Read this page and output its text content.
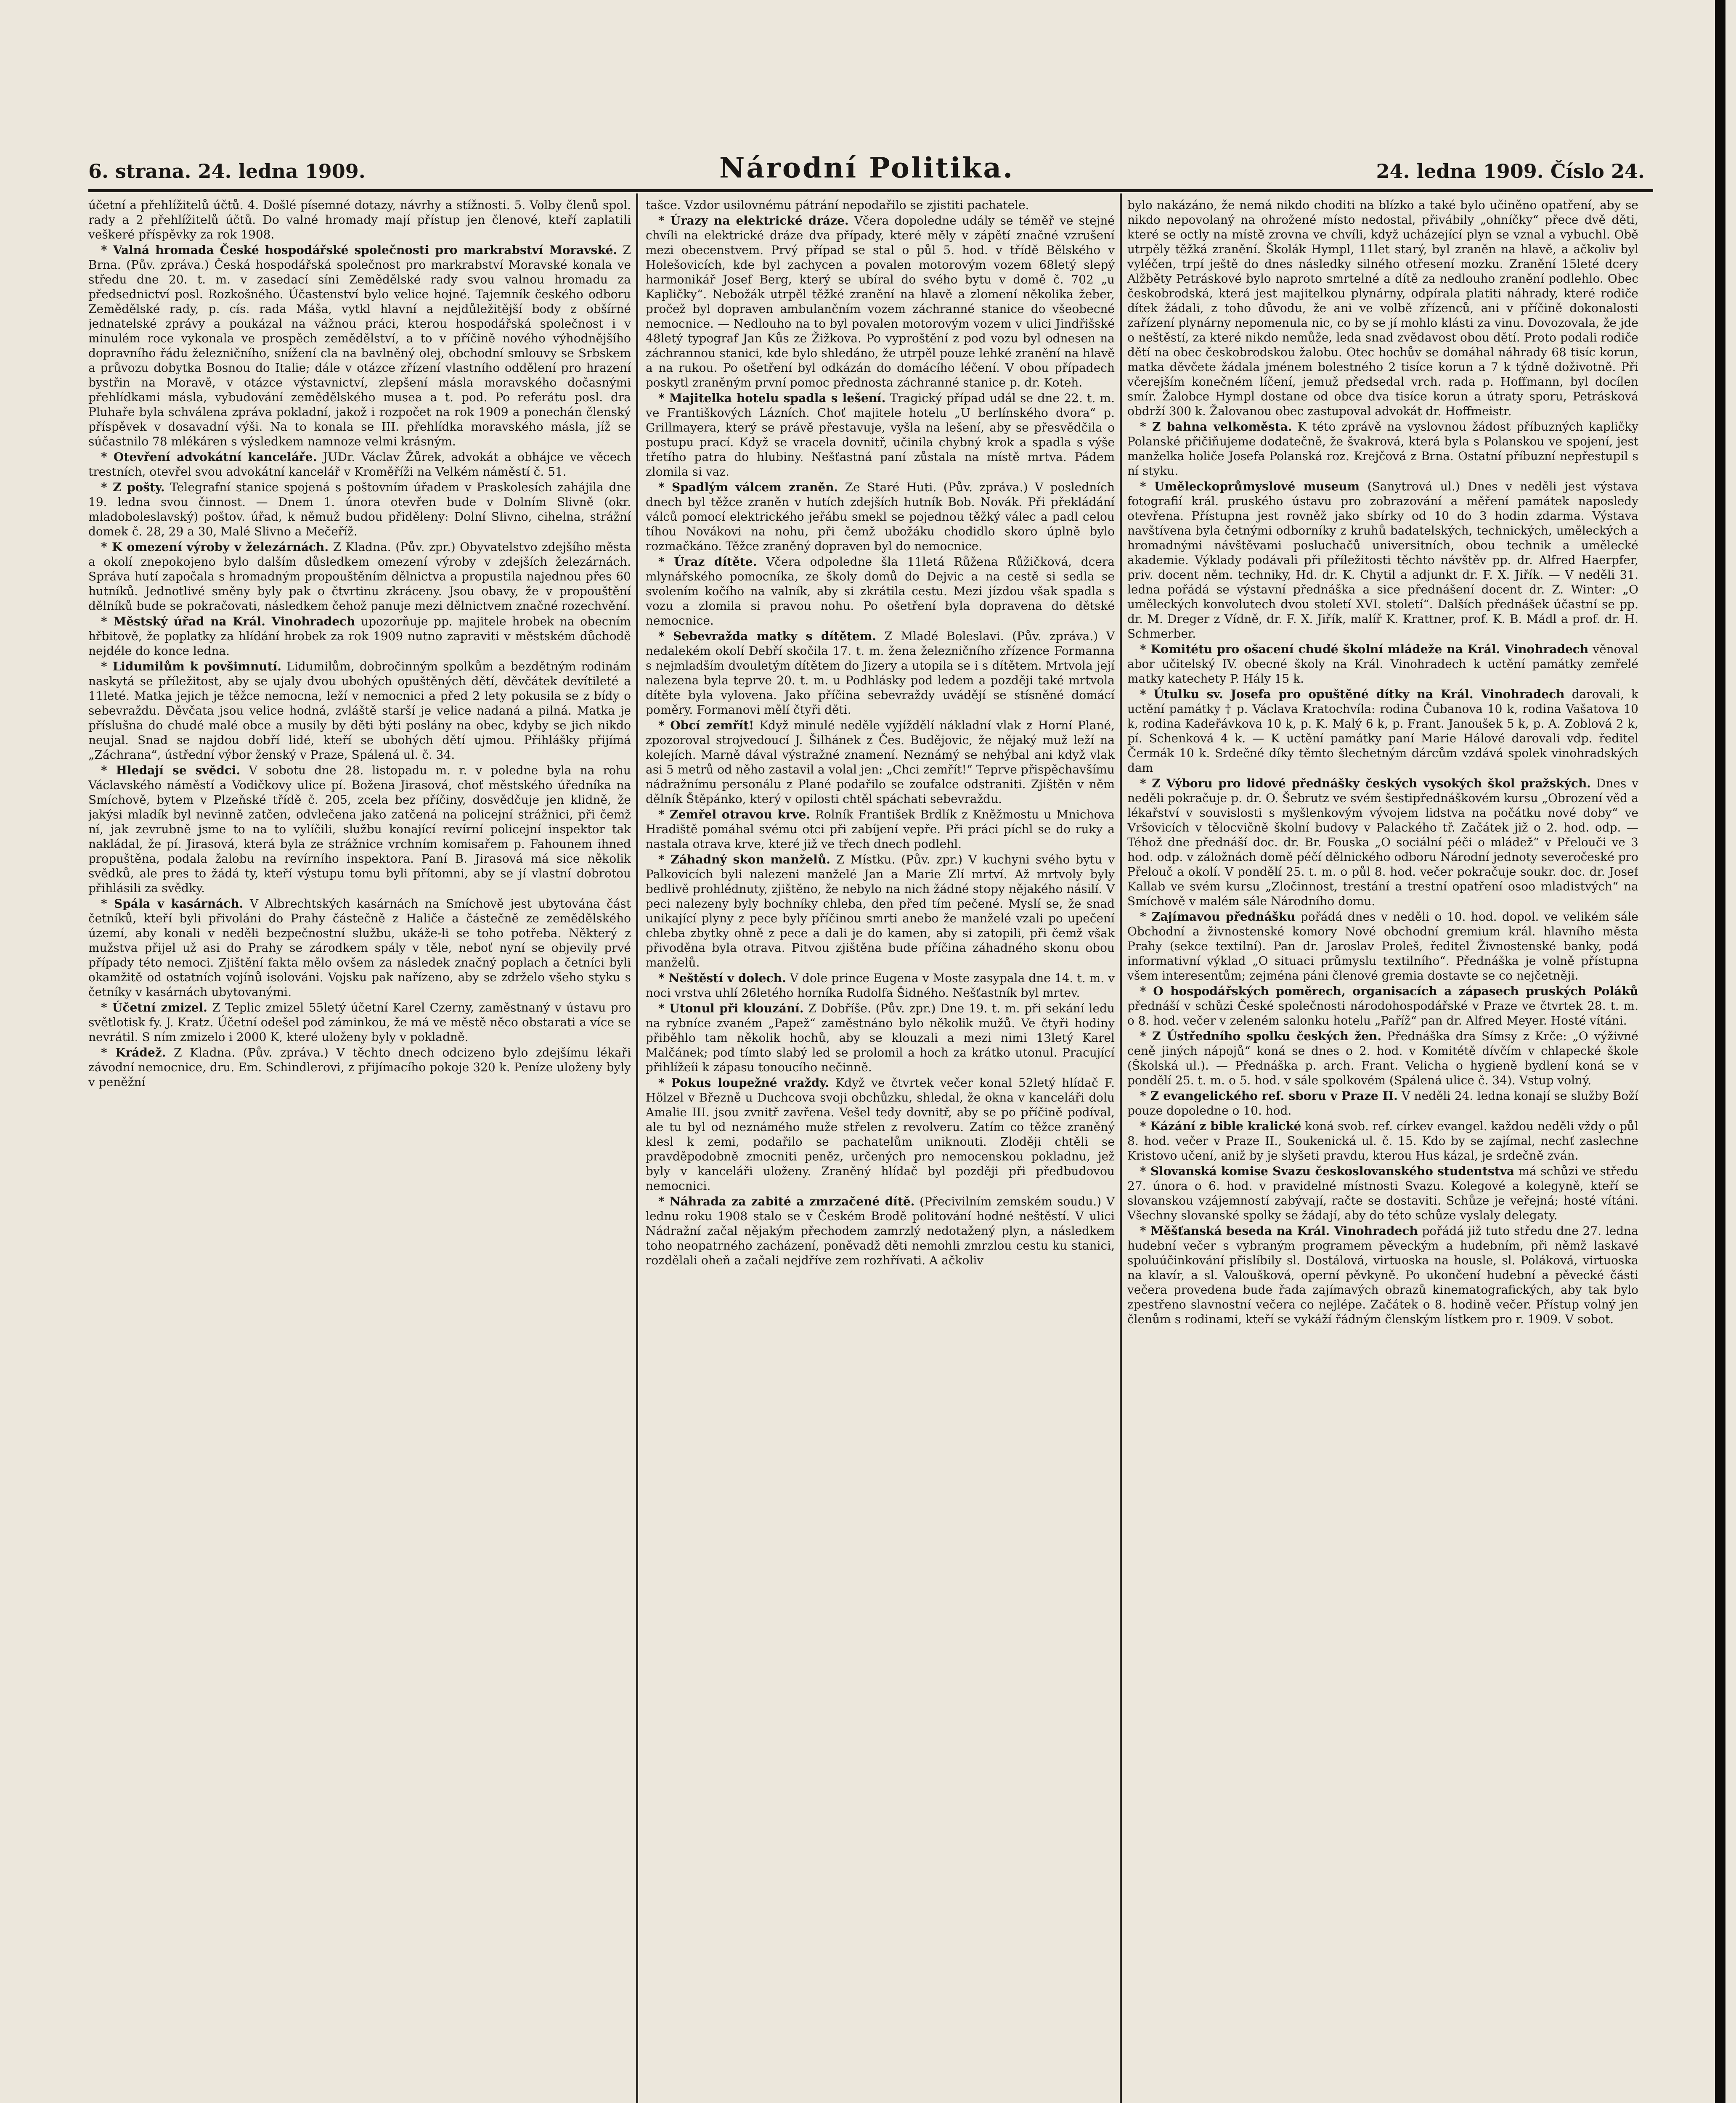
6. strana. 24. ledna 1909.	Národní Politika.	24. ledna 1909. Číslo 24.

účetní a přehlížitelů účtů. 4. Došlé písemné dotazy, návrhy a stížnosti. 5. Volby členů spol. rady a 2 přehlížitelů účtů. Do valné hromady mají přístup jen členové, kteří zaplatili veškeré příspěvky za rok 1908.

* Valná hromada České hospodářské společnosti pro markrabství Moravské. Z Brna. (Pův. zpráva.) Česká hospodářská společnost pro markrabství Moravské konala ve středu dne 20. t. m. v zasedací síni Zemědělské rady svou valnou hromadu za předsednictví posl. Rozkošného. Účastenství bylo velice hojné. Tajemník českého odboru Zemědělské rady, p. cís. rada Máša, vytkl hlavní a nejdůležitější body z obšírné jednatelské zprávy a poukázal na vážnou práci, kterou hospodářská společnost i v minulém roce vykonala ve prospěch zemědělství, a to v příčině nového výhodnějšího dopravního řádu železničního, snížení cla na bavlněný olej, obchodní smlouvy se Srbskem a průvozu dobytka Bosnou do Italie; dále v otázce zřízení vlastního oddělení pro hrazení bystřin na Moravě, v otázce výstavnictví, zlepšení másla moravského dočasnými přehlídkami másla, vybudování zemědělského musea a t. pod. Po referátu posl. dra Pluhaře byla schválena zpráva pokladní, jakož i rozpočet na rok 1909 a ponechán členský příspěvek v dosavadní výši. Na to konala se III. přehlídka moravského másla, jíž se súčastnilo 78 mlékáren s výsledkem namnoze velmi krásným.

* Otevření advokátní kanceláře. JUDr. Václav Žůrek, advokát a obhájce ve věcech trestních, otevřel svou advokátní kancelář v Kroměříži na Velkém náměstí č. 51.

* Z pošty. Telegrafní stanice spojená s poštovním úřadem v Praskolesích zahájila dne 19. ledna svou činnost. — Dnem 1. února otevřen bude v Dolním Slivně (okr. mladoboleslavský) poštov. úřad, k němuž budou přiděleny: Dolní Slivno, cihelna, strážní domek č. 28, 29 a 30, Malé Slivno a Mečeříž.

* K omezení výroby v železárnách. Z Kladna. (Pův. zpr.) Obyvatelstvo zdejšího města a okolí znepokojeno bylo dalším důsledkem omezení výroby v zdejších železárnách. Správa hutí započala s hromadným propouštěním dělnictva a propustila najednou přes 60 hutníků. Jednotlivé směny byly pak o čtvrtinu zkráceny. Jsou obavy, že v propouštění dělníků bude se pokračovati, následkem čehož panuje mezi dělnictvem značné rozechvění.

* Městský úřad na Král. Vinohradech upozorňuje pp. majitele hrobek na obecním hřbitově, že poplatky za hlídání hrobek za rok 1909 nutno zapraviti v městském důchodě nejdéle do konce ledna.

* Lidumilům k povšimnutí. Lidumilům, dobročinným spolkům a bezdětným rodinám naskytá se příležitost, aby se ujaly dvou ubohých opuštěných dětí, děvčátek devítileté a 11leté. Matka jejich je těžce nemocna, leží v nemocnici a před 2 lety pokusila se z bídy o sebevraždu. Děvčata jsou velice hodná, zvláště starší je velice nadaná a pilná. Matka je příslušna do chudé malé obce a musily by děti býti poslány na obec, kdyby se jich nikdo neujal. Snad se najdou dobří lidé, kteří se ubohých dětí ujmou. Přihlášky přijímá „Záchrana“, ústřední výbor ženský v Praze, Spálená ul. č. 34.

* Hledají se svědci. V sobotu dne 28. listopadu m. r. v poledne byla na rohu Václavského náměstí a Vodičkovy ulice pí. Božena Jirasová, choť městského úředníka na Smíchově, bytem v Plzeňské třídě č. 205, zcela bez příčiny, dosvědčuje jen klidně, že jakýsi mladík byl nevinně zatčen, odvlečena jako zatčená na policejní strážnici, při čemž ní, jak zevrubně jsme to na to vylíčili, službu konající revírní policejní inspektor tak nakládal, že pí. Jirasová, která byla ze strážnice vrchním komisařem p. Fahounem ihned propuštěna, podala žalobu na revírního inspektora. Paní B. Jirasová má sice několik svědků, ale pres to žádá ty, kteří výstupu tomu byli přítomni, aby se jí vlastní dobrotou přihlásili za svědky.

* Spála v kasárnách. V Albrechtských kasárnách na Smíchově jest ubytována část četníků, kteří byli přivoláni do Prahy částečně z Haliče a částečně ze zemědělského území, aby konali v neděli bezpečnostní službu, ukáže-li se toho potřeba. Některý z mužstva přijel už asi do Prahy se zárodkem spály v těle, neboť nyní se objevily prvé případy této nemoci. Zjištění fakta mělo ovšem za následek značný poplach a četníci byli okamžitě od ostatních vojínů isolováni. Vojsku pak nařízeno, aby se zdrželo všeho styku s četníky v kasárnách ubytovanými.

* Účetní zmizel. Z Teplic zmizel 55letý účetní Karel Czerny, zaměstnaný v ústavu pro světlotisk fy. J. Kratz. Účetní odešel pod záminkou, že má ve městě něco obstarati a více se nevrátil. S ním zmizelo i 2000 K, které uloženy byly v pokladně.

* Krádež. Z Kladna. (Pův. zpráva.) V těchto dnech odcizeno bylo zdejšímu lékaři závodní nemocnice, dru. Em. Schindlerovi, z přijímacího pokoje 320 k. Peníze uloženy byly v peněžní

tašce. Vzdor usilovnému pátrání nepodařilo se zjistiti pachatele.

* Úrazy na elektrické dráze. Včera dopoledne udály se téměř ve stejné chvíli na elektrické dráze dva případy, které měly v zápětí značné vzrušení mezi obecenstvem. Prvý případ se stal o půl 5. hod. v třídě Bělského v Holešovicích, kde byl zachycen a povalen motorovým vozem 68letý slepý harmonikář Josef Berg, který se ubíral do svého bytu v domě č. 702 „u Kapličky“. Nebožák utrpěl těžké zranění na hlavě a zlomení několika žeber, pročež byl dopraven ambulančním vozem záchranné stanice do všeobecné nemocnice. — Nedlouho na to byl povalen motorovým vozem v ulici Jindřišské 48letý typograf Jan Kůs ze Žižkova. Po vyproštění z pod vozu byl odnesen na záchrannou stanici, kde bylo shledáno, že utrpěl pouze lehké zranění na hlavě a na rukou. Po ošetření byl odkázán do domácího léčení. V obou případech poskytl zraněným první pomoc přednosta záchranné stanice p. dr. Koteh.

* Majitelka hotelu spadla s lešení. Tragický případ udál se dne 22. t. m. ve Františkových Lázních. Choť majitele hotelu „U berlínského dvora“ p. Grillmayera, který se právě přestavuje, vyšla na lešení, aby se přesvědčila o postupu prací. Když se vracela dovnitř, učinila chybný krok a spadla s výše třetího patra do hlubiny. Nešťastná paní zůstala na místě mrtva. Pádem zlomila si vaz.

* Spadlým válcem zraněn. Ze Staré Huti. (Pův. zpráva.) V posledních dnech byl těžce zraněn v hutích zdejších hutník Bob. Novák. Při překládání válců pomocí elektrického jeřábu smekl se pojednou těžký válec a padl celou tíhou Novákovi na nohu, při čemž ubožáku chodidlo skoro úplně bylo rozmačkáno. Těžce zraněný dopraven byl do nemocnice.

* Úraz dítěte. Včera odpoledne šla 11letá Růžena Růžičková, dcera mlynářského pomocníka, ze školy domů do Dejvic a na cestě si sedla se svolením kočího na valník, aby si zkrátila cestu. Mezi jízdou však spadla s vozu a zlomila si pravou nohu. Po ošetření byla dopravena do dětské nemocnice.

* Sebevražda matky s dítětem. Z Mladé Boleslavi. (Pův. zpráva.) V nedalekém okolí Debří skočila 17. t. m. žena železničního zřízence Formanna s nejmladším dvouletým dítětem do Jizery a utopila se i s dítětem. Mrtvola její nalezena byla teprve 20. t. m. u Podhlásky pod ledem a později také mrtvola dítěte byla vylovena. Jako příčina sebevraždy uvádějí se stísněné domácí poměry. Formanovi mělí čtyři děti.

* Obcí zemřít! Když minulé neděle vyjíždělí nákladní vlak z Horní Plané, zpozoroval strojvedoucí J. Šilhánek z Čes. Budějovic, že nějaký muž leží na kolejích. Marně dával výstražné znamení. Neznámý se nehýbal ani když vlak asi 5 metrů od něho zastavil a volal jen: „Chci zemřít!“ Teprve přispěchavšímu nádražnímu personálu z Plané podařilo se zoufalce odstraniti. Zjištěn v něm dělník Štěpánko, který v opilosti chtěl spáchati sebevraždu.

* Zemřel otravou krve. Rolník František Brdlík z Kněžmostu u Mnichova Hradiště pomáhal svému otci při zabíjení vepře. Při práci píchl se do ruky a nastala otrava krve, které již ve třech dnech podlehl.

* Záhadný skon manželů. Z Místku. (Pův. zpr.) V kuchyni svého bytu v Palkovicích byli nalezeni manželé Jan a Marie Zlí mrtví. Až mrtvoly byly bedlivě prohlédnuty, zjištěno, že nebylo na nich žádné stopy nějakého násilí. V peci nalezeny byly bochníky chleba, den před tím pečené. Myslí se, že snad unikající plyny z pece byly příčinou smrti anebo že manželé vzali po upečení chleba zbytky ohně z pece a dali je do kamen, aby si zatopili, při čemž však přivoděna byla otrava. Pitvou zjištěna bude příčina záhadného skonu obou manželů.

* Neštěstí v dolech. V dole prince Eugena v Moste zasypala dne 14. t. m. v noci vrstva uhlí 26letého horníka Rudolfa Šidného. Nešťastník byl mrtev.

* Utonul při klouzání. Z Dobříše. (Pův. zpr.) Dne 19. t. m. při sekání ledu na rybníce zvaném „Papež“ zaměstnáno bylo několik mužů. Ve čtyři hodiny přiběhlo tam několik hochů, aby se klouzali a mezi nimi 13letý Karel Malčánek; pod tímto slabý led se prolomil a hoch za krátko utonul. Pracující přihlížeíi k zápasu tonoucího nečinně.

* Pokus loupežné vraždy. Když ve čtvrtek večer konal 52letý hlídač F. Hölzel v Březně u Duchcova svoji obchůzku, shledal, že okna v kanceláři dolu Amalie III. jsou zvnitř zavřena. Vešel tedy dovnitř, aby se po příčině podíval, ale tu byl od neznámého muže střelen z revolveru. Zatím co těžce zraněný klesl k zemi, podařilo se pachatelům uniknouti. Zloději chtěli se pravděpodobně zmocniti peněz, určených pro nemocenskou pokladnu, jež byly v kanceláři uloženy. Zraněný hlídač byl později při předbudovou nemocnici.

* Náhrada za zabité a zmrzačené dítě. (Přecivilním zemském soudu.) V lednu roku 1908 stalo se v Českém Brodě politování hodné neštěstí. V ulici Nádražní začal nějakým přechodem zamrzlý nedotažený plyn, a následkem toho neopatrného zacházení, poněvadž děti nemohli zmrzlou cestu ku stanici, rozdělali oheň a začali nejdříve zem rozhřívati. A ačkoliv

bylo nakázáno, že nemá nikdo choditi na blízko a také bylo učiněno opatření, aby se nikdo nepovolaný na ohrožené místo nedostal, přivábily „ohníčky“ přece dvě děti, které se octly na místě zrovna ve chvíli, když ucházející plyn se vznal a vybuchl. Obě utrpěly těžká zranění. Školák Hympl, 11let starý, byl zraněn na hlavě, a ačkoliv byl vyléčen, trpí ještě do dnes následky silného otřesení mozku. Zranění 15leté dcery Alžběty Petráskové bylo naproto smrtelné a dítě za nedlouho zranění podlehlo. Obec českobrodská, která jest majitelkou plynárny, odpírala platiti náhrady, které rodiče dítek žádali, z toho důvodu, že ani ve volbě zřízenců, ani v příčině dokonalosti zařízení plynárny nepomenula nic, co by se jí mohlo klásti za vinu. Dovozovala, že jde o neštěstí, za které nikdo nemůže, leda snad zvědavost obou dětí. Proto podali rodiče dětí na obec českobrodskou žalobu. Otec hochův se domáhal náhrady 68 tisíc korun, matka děvčete žádala jménem bolestného 2 tisíce korun a 7 k týdně doživotně. Při včerejším konečném líčení, jemuž předsedal vrch. rada p. Hoffmann, byl docílen smír. Žalobce Hympl dostane od obce dva tisíce korun a útraty sporu, Petrásková obdrží 300 k. Žalovanou obec zastupoval advokát dr. Hoffmeistr.

* Z bahna velkoměsta. K této zprávě na vyslovnou žádost příbuzných kapličky Polanské přičiňujeme dodatečně, že švakrová, která byla s Polanskou ve spojení, jest manželka holiče Josefa Polanská roz. Krejčová z Brna. Ostatní příbuzní nepřestupil s ní styku.

* Uměleckoprůmyslové museum (Sanytrová ul.) Dnes v neděli jest výstava fotografií král. pruského ústavu pro zobrazování a měření památek naposledy otevřena. Přístupna jest rovněž jako sbírky od 10 do 3 hodin zdarma. Výstava navštívena byla četnými odborníky z kruhů badatelských, technických, uměleckých a hromadnými návštěvami posluchačů universitních, obou technik a umělecké akademie. Výklady podávali při příležitosti těchto návštěv pp. dr. Alfred Haerpfer, priv. docent něm. techniky, Hd. dr. K. Chytil a adjunkt dr. F. X. Jiřík. — V neděli 31. ledna pořádá se výstavní přednáška a sice přednášení docent dr. Z. Winter: „O uměleckých konvolutech dvou století XVI. století“. Dalších přednášek účastní se pp. dr. M. Dreger z Vídně, dr. F. X. Jiřík, malíř K. Krattner, prof. K. B. Mádl a prof. dr. H. Schmerber.

* Komitétu pro ošacení chudé školní mládeže na Král. Vinohradech věnoval abor učitelský IV. obecné školy na Král. Vinohradech k uctění památky zemřelé matky katechety P. Hály 15 k.

* Útulku sv. Josefa pro opuštěné dítky na Král. Vinohradech darovali, k uctění památky † p. Václava Kratochvíla: rodina Čubanova 10 k, rodina Vašatova 10 k, rodina Kadeřávkova 10 k, p. K. Malý 6 k, p. Frant. Janoušek 5 k, p. A. Zoblová 2 k, pí. Schenková 4 k. — K uctění památky paní Marie Hálové darovali vdp. ředitel Čermák 10 k. Srdečné díky těmto šlechetným dárcům vzdává spolek vinohradských dam

* Z Výboru pro lidové přednášky českých vysokých škol pražských. Dnes v neděli pokračuje p. dr. O. Šebrutz ve svém šestipřednáškovém kursu „Obrození věd a lékařství v souvislosti s myšlenkovým vývojem lidstva na počátku nové doby“ ve Vršovicích v tělocvičně školní budovy v Palackého tř. Začátek již o 2. hod. odp. — Téhož dne přednáší doc. dr. Br. Fouska „O sociální péči o mládež“ v Přelouči ve 3 hod. odp. v záložnách domě péčí dělnického odboru Národní jednoty severočeské pro Přelouč a okolí. V pondělí 25. t. m. o půl 8. hod. večer pokračuje soukr. doc. dr. Josef Kallab ve svém kursu „Zločinnost, trestání a trestní opatření osoo mladistvých“ na Smíchově v malém sále Národního domu.

* Zajímavou přednášku pořádá dnes v neděli o 10. hod. dopol. ve velikém sále Obchodní a živnostenské komory Nové obchodní gremium král. hlavního města Prahy (sekce textilní). Pan dr. Jaroslav Proleš, ředitel Živnostenské banky, podá informativní výklad „O situaci průmyslu textilního“. Přednáška je volně přístupna všem interesentům; zejména páni členové gremia dostavte se co nejčetněji.

* O hospodářských poměrech, organisacích a zápasech pruských Poláků přednáší v schůzi České společnosti národohospodářské v Praze ve čtvrtek 28. t. m. o 8. hod. večer v zeleném salonku hotelu „Paříž“ pan dr. Alfred Meyer. Hosté vítáni.

* Z Ústředního spolku českých žen. Přednáška dra Símsy z Krče: „O výživné ceně jiných nápojů“ koná se dnes o 2. hod. v Komitétě dívčím v chlapecké škole (Školská ul.). — Přednáška p. arch. Frant. Velicha o hygieně bydlení koná se v pondělí 25. t. m. o 5. hod. v sále spolkovém (Spálená ulice č. 34). Vstup volný.

* Z evangelického ref. sboru v Praze II. V neděli 24. ledna konají se služby Boží pouze dopoledne o 10. hod.

* Kázání z bible kralické koná svob. ref. církev evangel. každou neděli vždy o půl 8. hod. večer v Praze II., Soukenická ul. č. 15. Kdo by se zajímal, nechť zaslechne Kristovo učení, aniž by je slyšeti pravdu, kterou Hus kázal, je srdečně zván.

* Slovanská komise Svazu českoslovanského studentstva má schůzi ve středu 27. února o 6. hod. v pravidelné místnosti Svazu. Kolegové a kolegyně, kteří se slovanskou vzájemností zabývají, račte se dostaviti. Schůze je veřejná; hosté vítáni. Všechny slovanské spolky se žádají, aby do této schůze vyslaly delegaty.

* Měšťanská beseda na Král. Vinohradech pořádá již tuto středu dne 27. ledna hudební večer s vybraným programem pěveckým a hudebním, při němž laskavé spoluúčinkování přislíbily sl. Dostálová, virtuoska na housle, sl. Poláková, virtuoska na klavír, a sl. Valoušková, operní pěvkyně. Po ukončení hudební a pěvecké části večera provedena bude řada zajímavých obrazů kinematografických, aby tak bylo zpestřeno slavnostní večera co nejlépe. Začátek o 8. hodině večer. Přístup volný jen členům s rodinami, kteří se vykáží řádným členským lístkem pro r. 1909. V sobot.
